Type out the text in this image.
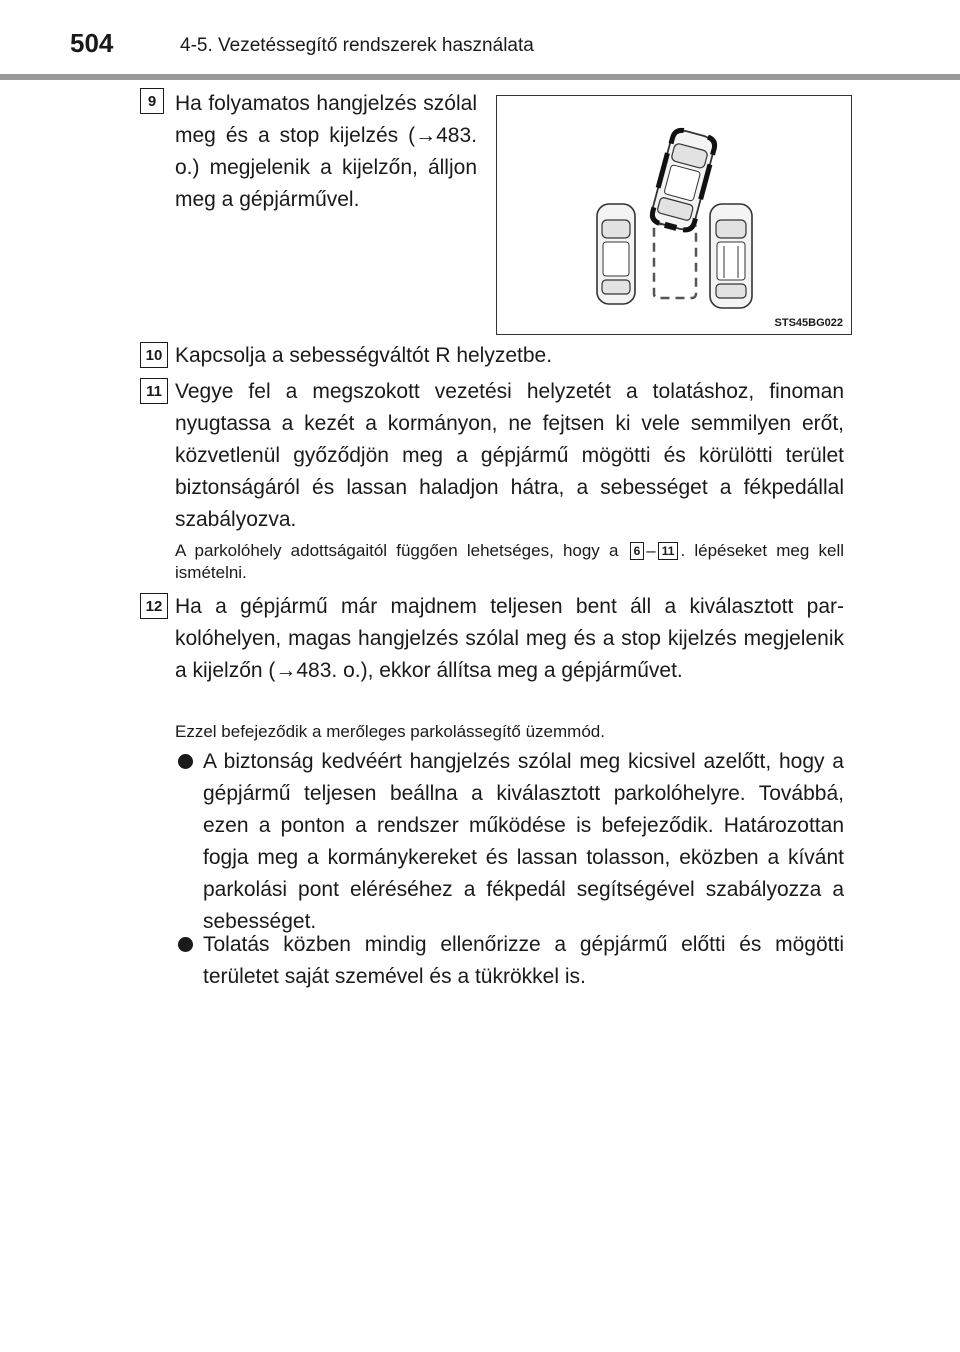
504	4-5. Vezetéssegítő rendszerek használata
9 Ha folyamatos hangjelzés szólal meg és a stop kijelzés (→483. o.) megjelenik a kijelzőn, álljon meg a gépjárművel.

STS45BG022
10 Kapcsolja a sebességváltót R helyzetbe.

11 Vegye fel a megszokott vezetési helyzetét a tolatáshoz, finoman nyugtassa a kezét a kormányon, ne fejtsen ki vele semmilyen erőt, közvetlenül győződjön meg a gépjármű mögötti és körülötti terület biztonságáról és lassan haladjon hátra, a sebességet a fékpedállal szabályozva.

A parkolóhely adottságaitól függően lehetséges, hogy a 6 – 11 . lépéseket meg kell ismételni.

12 Ha a gépjármű már majdnem teljesen bent áll a kiválasztott parkolóhelyen, magas hangjelzés szólal meg és a stop kijelzés megjelenik a kijelzőn (→483. o.), ekkor állítsa meg a gépjárművet.

Ezzel befejeződik a merőleges parkolássegítő üzemmód.

A biztonság kedvéért hangjelzés szólal meg kicsivel azelőtt, hogy a gépjármű teljesen beállna a kiválasztott parkolóhelyre. Továbbá, ezen a ponton a rendszer működése is befejeződik. Határozottan fogja meg a kormánykereket és lassan tolasson, eközben a kívánt parkolási pont eléréséhez a fékpedál segítségével szabályozza a sebességet.

Tolatás közben mindig ellenőrizze a gépjármű előtti és mögötti területet saját szemével és a tükrökkel is.
